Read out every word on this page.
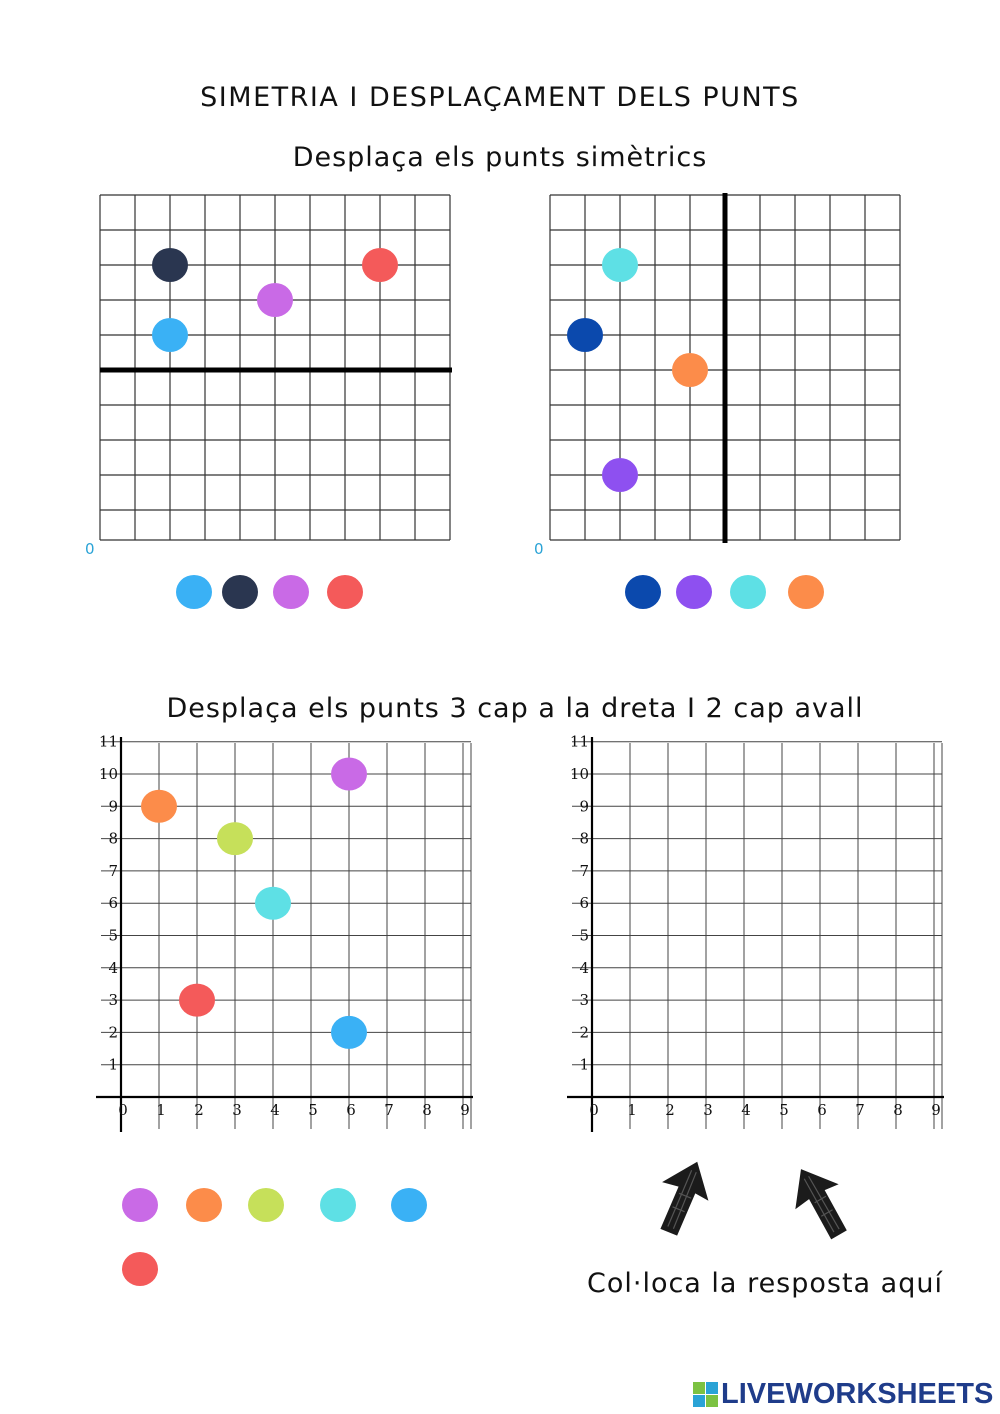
SIMETRIA I DESPLAÇAMENT DELS PUNTS
Desplaça els punts simètrics
0	0
Desplaça els punts 3 cap a la dreta I 2 cap avall
1
2
3
4
5
6
7
8
9
10
11
0 1 2 3 4 5 6 7 8 9
1
2
3
4
5
6
7
8
9
10
11
0 1 2 3 4 5 6 7 8 9
Col·loca la resposta aquí
LIVEWORKSHEETS
